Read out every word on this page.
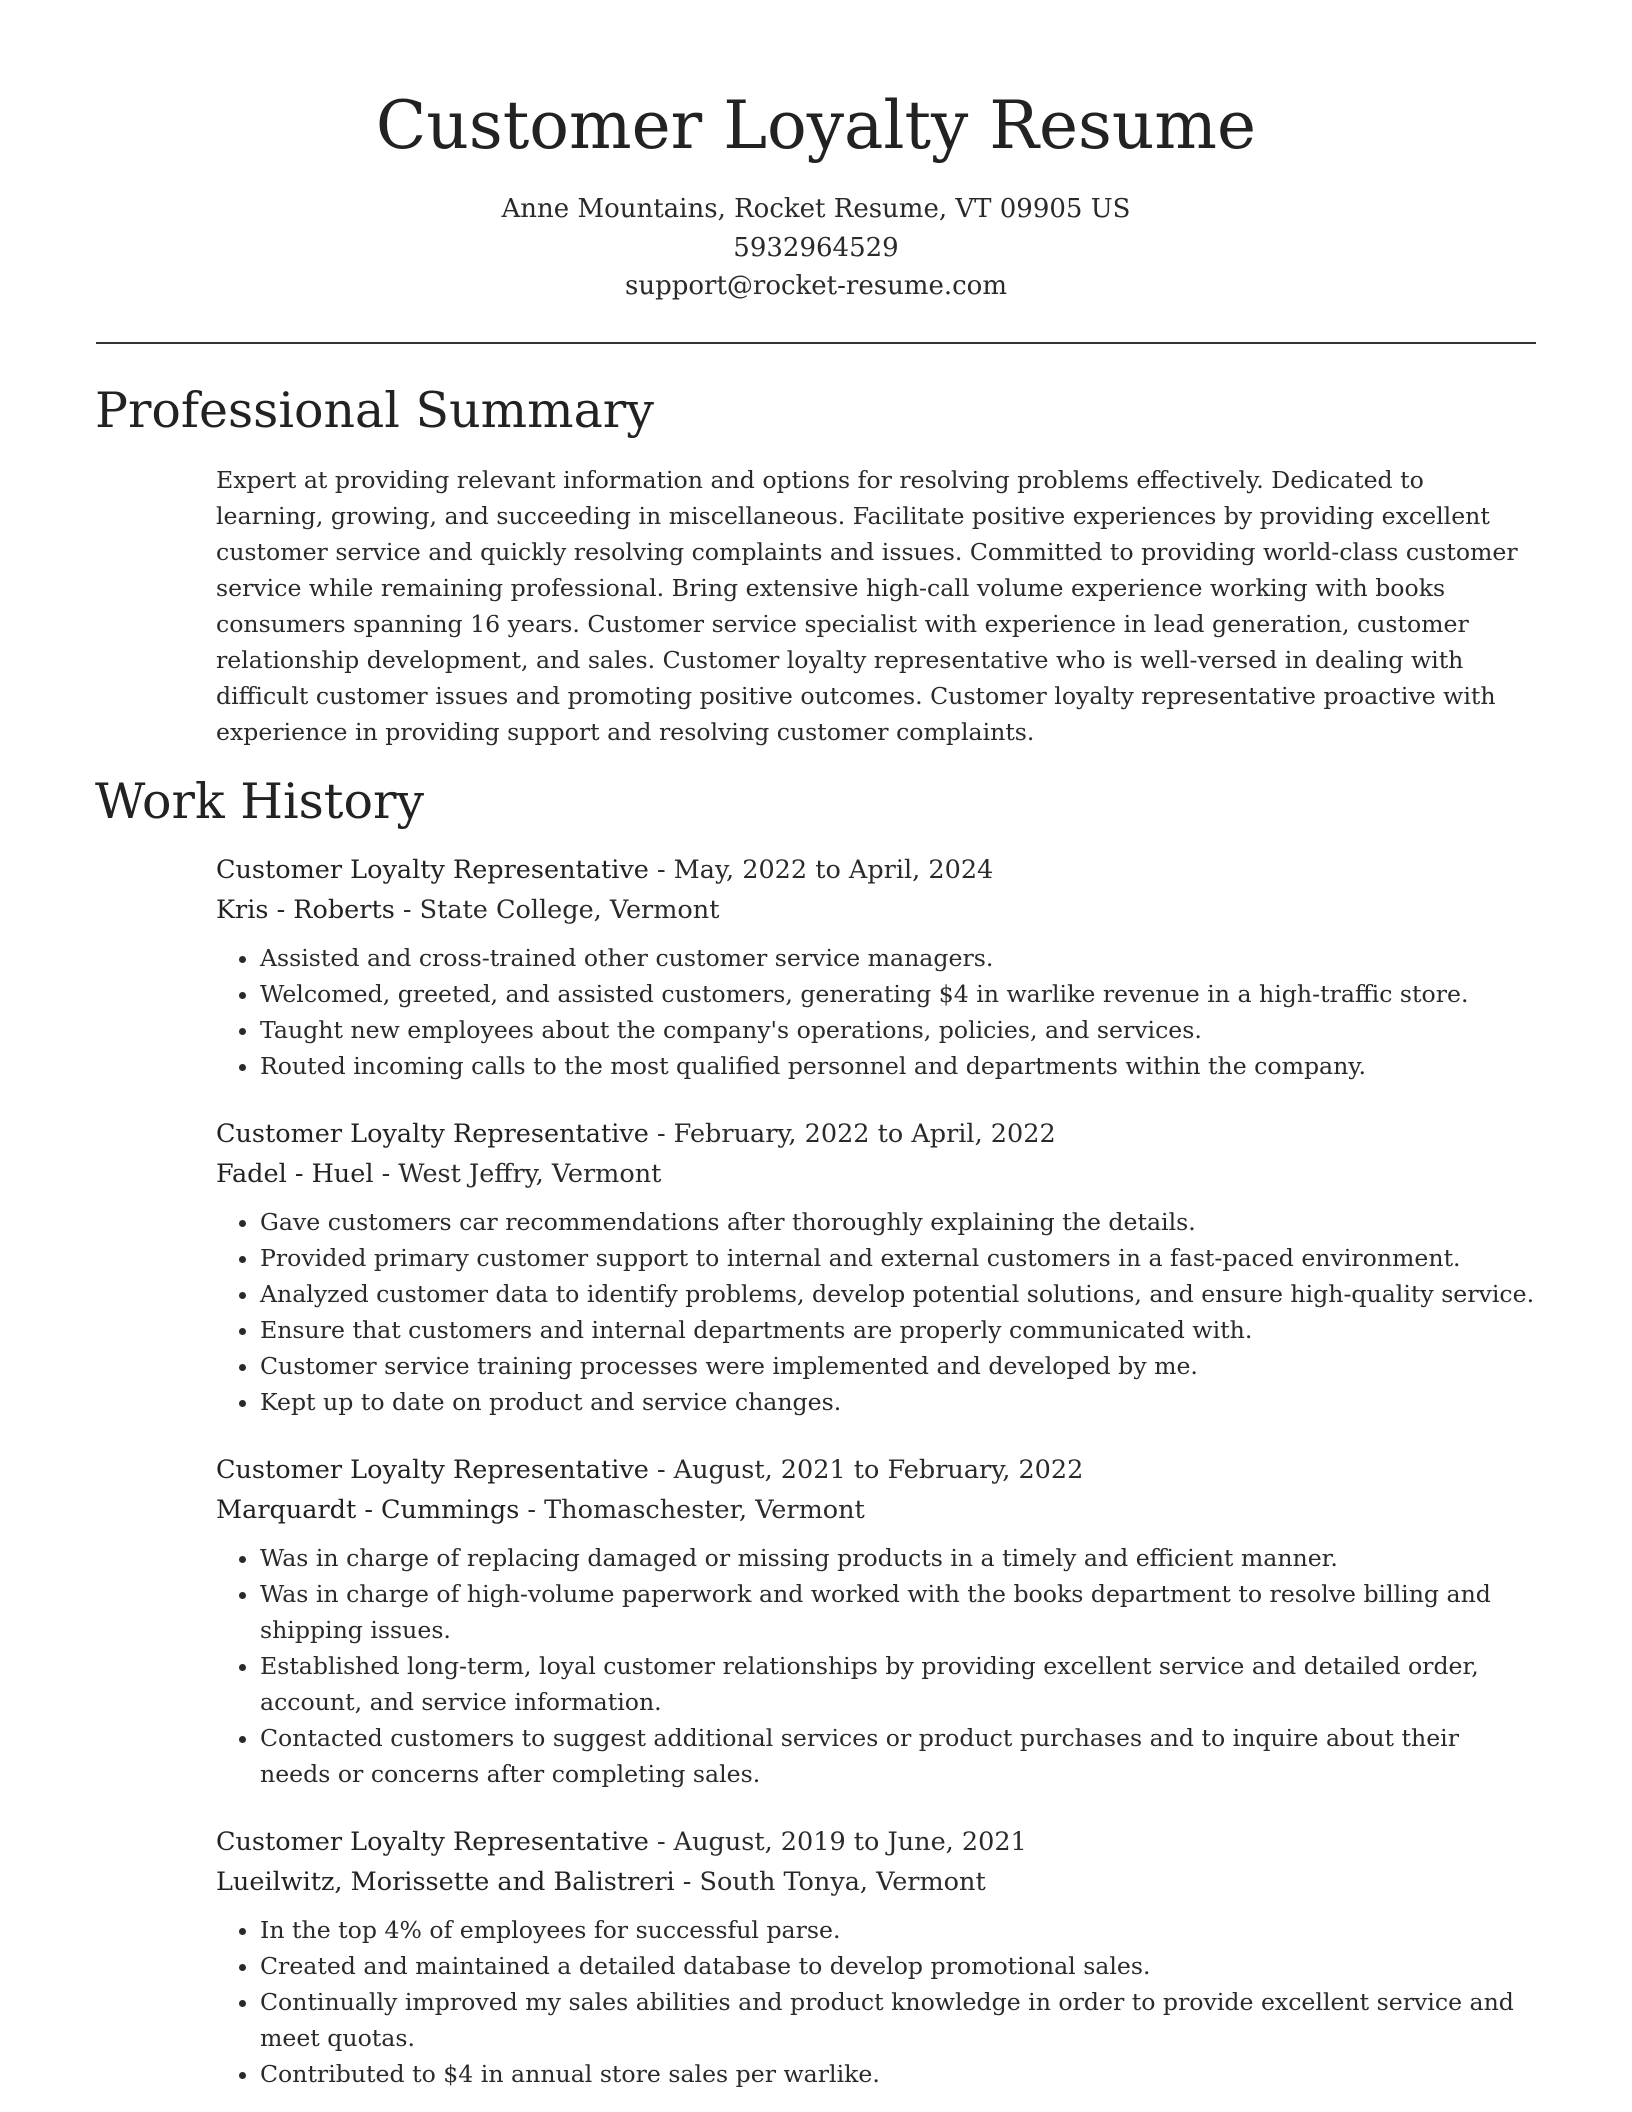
Customer Loyalty Resume
Anne Mountains, Rocket Resume, VT 09905 US
5932964529
support@rocket-resume.com
Professional Summary

Expert at providing relevant information and options for resolving problems effectively. Dedicated to learning, growing, and succeeding in miscellaneous. Facilitate positive experiences by providing excellent customer service and quickly resolving complaints and issues. Committed to providing world-class customer service while remaining professional. Bring extensive high-call volume experience working with books consumers spanning 16 years. Customer service specialist with experience in lead generation, customer relationship development, and sales. Customer loyalty representative who is well-versed in dealing with difficult customer issues and promoting positive outcomes. Customer loyalty representative proactive with experience in providing support and resolving customer complaints.

Work History
Customer Loyalty Representative - May, 2022 to April, 2024
Kris - Roberts - State College, Vermont
• Assisted and cross-trained other customer service managers.
• Welcomed, greeted, and assisted customers, generating $4 in warlike revenue in a high-traffic store.
• Taught new employees about the company's operations, policies, and services.
• Routed incoming calls to the most qualified personnel and departments within the company.
Customer Loyalty Representative - February, 2022 to April, 2022
Fadel - Huel - West Jeffry, Vermont
• Gave customers car recommendations after thoroughly explaining the details.
• Provided primary customer support to internal and external customers in a fast-paced environment.
• Analyzed customer data to identify problems, develop potential solutions, and ensure high-quality service.
• Ensure that customers and internal departments are properly communicated with.
• Customer service training processes were implemented and developed by me.
• Kept up to date on product and service changes.
Customer Loyalty Representative - August, 2021 to February, 2022
Marquardt - Cummings - Thomaschester, Vermont
• Was in charge of replacing damaged or missing products in a timely and efficient manner.
• Was in charge of high-volume paperwork and worked with the books department to resolve billing and shipping issues.
• Established long-term, loyal customer relationships by providing excellent service and detailed order, account, and service information.
• Contacted customers to suggest additional services or product purchases and to inquire about their needs or concerns after completing sales.
Customer Loyalty Representative - August, 2019 to June, 2021
Lueilwitz, Morissette and Balistreri - South Tonya, Vermont
• In the top 4% of employees for successful parse.
• Created and maintained a detailed database to develop promotional sales.
• Continually improved my sales abilities and product knowledge in order to provide excellent service and meet quotas.
• Contributed to $4 in annual store sales per warlike.
